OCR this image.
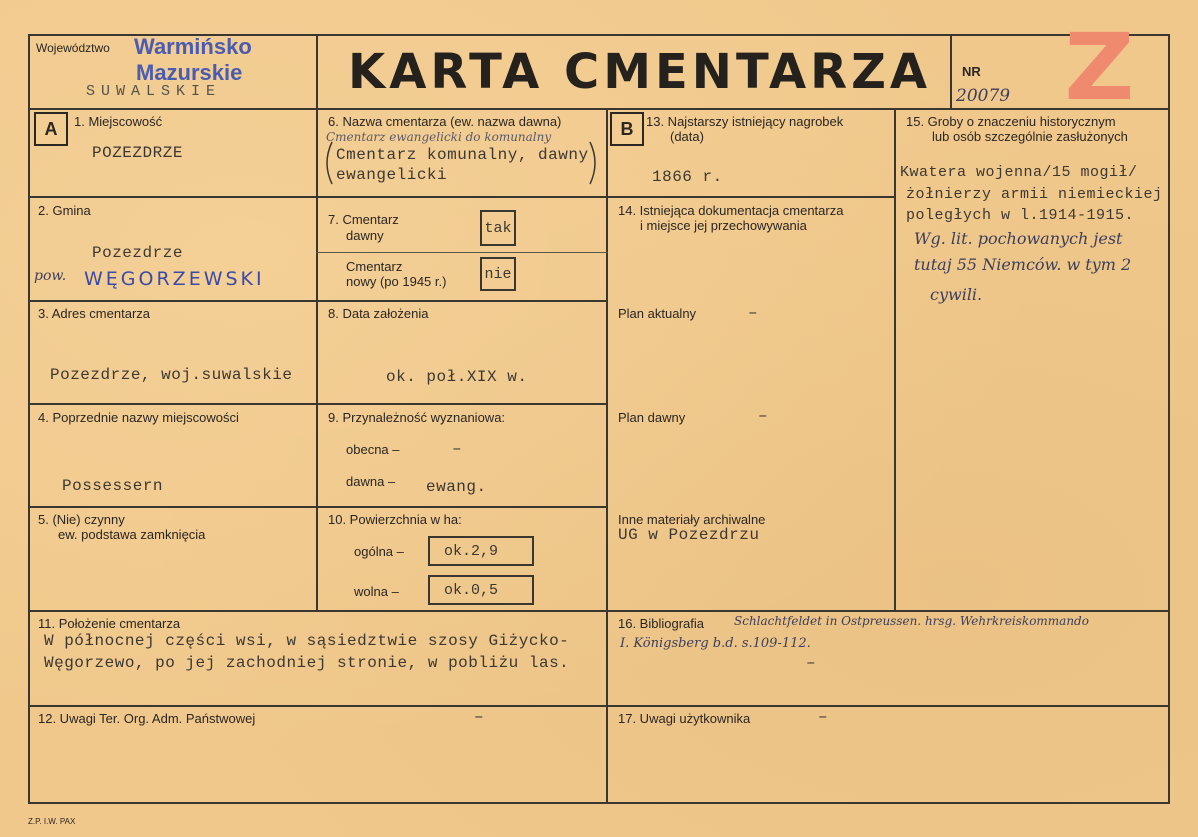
Województwo Warmińsko
Mazurskie
SUWALSKIE	KARTA CMENTARZA NR
20079 Z
A	B
1. Miejscowość
POZEZDRZE
2. Gmina
Pozezdrze
pow. WĘGORZEWSKI
3. Adres cmentarza
Pozezdrze, woj.suwalskie
4. Poprzednie nazwy miejscowości
Possessern
5. (Nie) czynny
ew. podstawa zamknięcia
6. Nazwa cmentarza (ew. nazwa dawna)
Cmentarz ewangelicki do komunalny
Cmentarz komunalny, dawny
ewangelicki
7. Cmentarz
dawny	tak
Cmentarz
nowy (po 1945 r.)	nie
8. Data założenia
ok. poł.XIX w.
9. Przynależność wyznaniowa:
obecna –	–
dawna – ewang.
10. Powierzchnia w ha:
ogólna –	ok.2,9
wolna –	ok.0,5
13. Najstarszy istniejący nagrobek
(data)
1866 r.
14. Istniejąca dokumentacja cmentarza
i miejsce jej przechowywania
Plan aktualny	–
Plan dawny	–
Inne materiały archiwalne
UG w Pozezdrzu
15. Groby o znaczeniu historycznym
lub osób szczególnie zasłużonych
Kwatera wojenna/15 mogił/
żołnierzy armii niemieckiej
poległych w l.1914-1915.
Wg. lit. pochowanych jest
tutaj 55 Niemców. w tym 2
cywili.
11. Położenie cmentarza
W północnej części wsi, w sąsiedztwie szosy Giżycko-
Węgorzewo, po jej zachodniej stronie, w pobliżu las.
12. Uwagi Ter. Org. Adm. Państwowej	–
16. Bibliografia	Schlachtfeldet in Ostpreussen. hrsg. Wehrkreiskommando
I. Königsberg b.d. s.109-112.
–
17. Uwagi użytkownika	–
Z.P. I.W. PAX
